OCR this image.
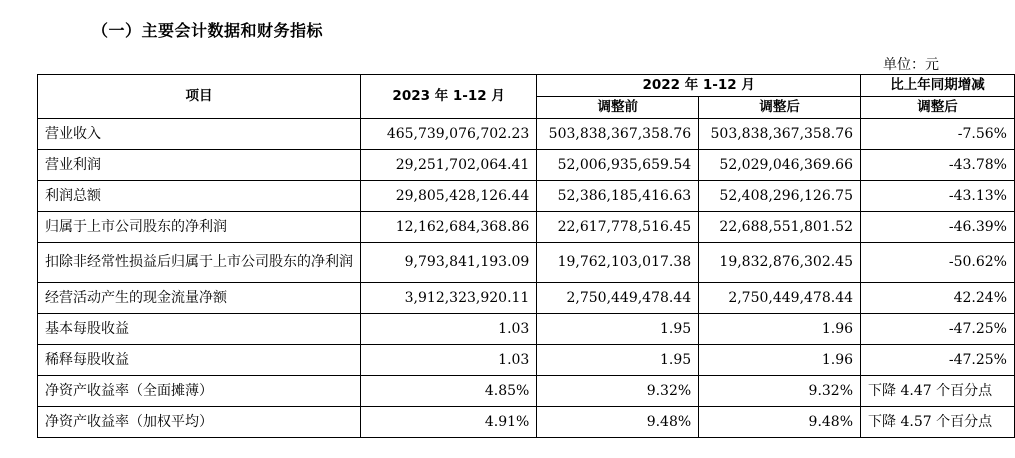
（一）主要会计数据和财务指标
单位：元
项目	2023 年 1-12 月	2022 年 1-12 月		比上年同期增减
		调整前	调整后	调整后
营业收入	465,739,076,702.23	503,838,367,358.76	503,838,367,358.76	-7.56%
营业利润	29,251,702,064.41	52,006,935,659.54	52,029,046,369.66	-43.78%
利润总额	29,805,428,126.44	52,386,185,416.63	52,408,296,126.75	-43.13%
归属于上市公司股东的净利润	12,162,684,368.86	22,617,778,516.45	22,688,551,801.52	-46.39%
扣除非经常性损益后归属于上市公司股东的净利润	9,793,841,193.09	19,762,103,017.38	19,832,876,302.45	-50.62%
经营活动产生的现金流量净额	3,912,323,920.11	2,750,449,478.44	2,750,449,478.44	42.24%
基本每股收益	1.03	1.95	1.96	-47.25%
稀释每股收益	1.03	1.95	1.96	-47.25%
净资产收益率（全面摊薄）	4.85%	9.32%	9.32%	下降 4.47 个百分点
净资产收益率（加权平均）	4.91%	9.48%	9.48%	下降 4.57 个百分点
